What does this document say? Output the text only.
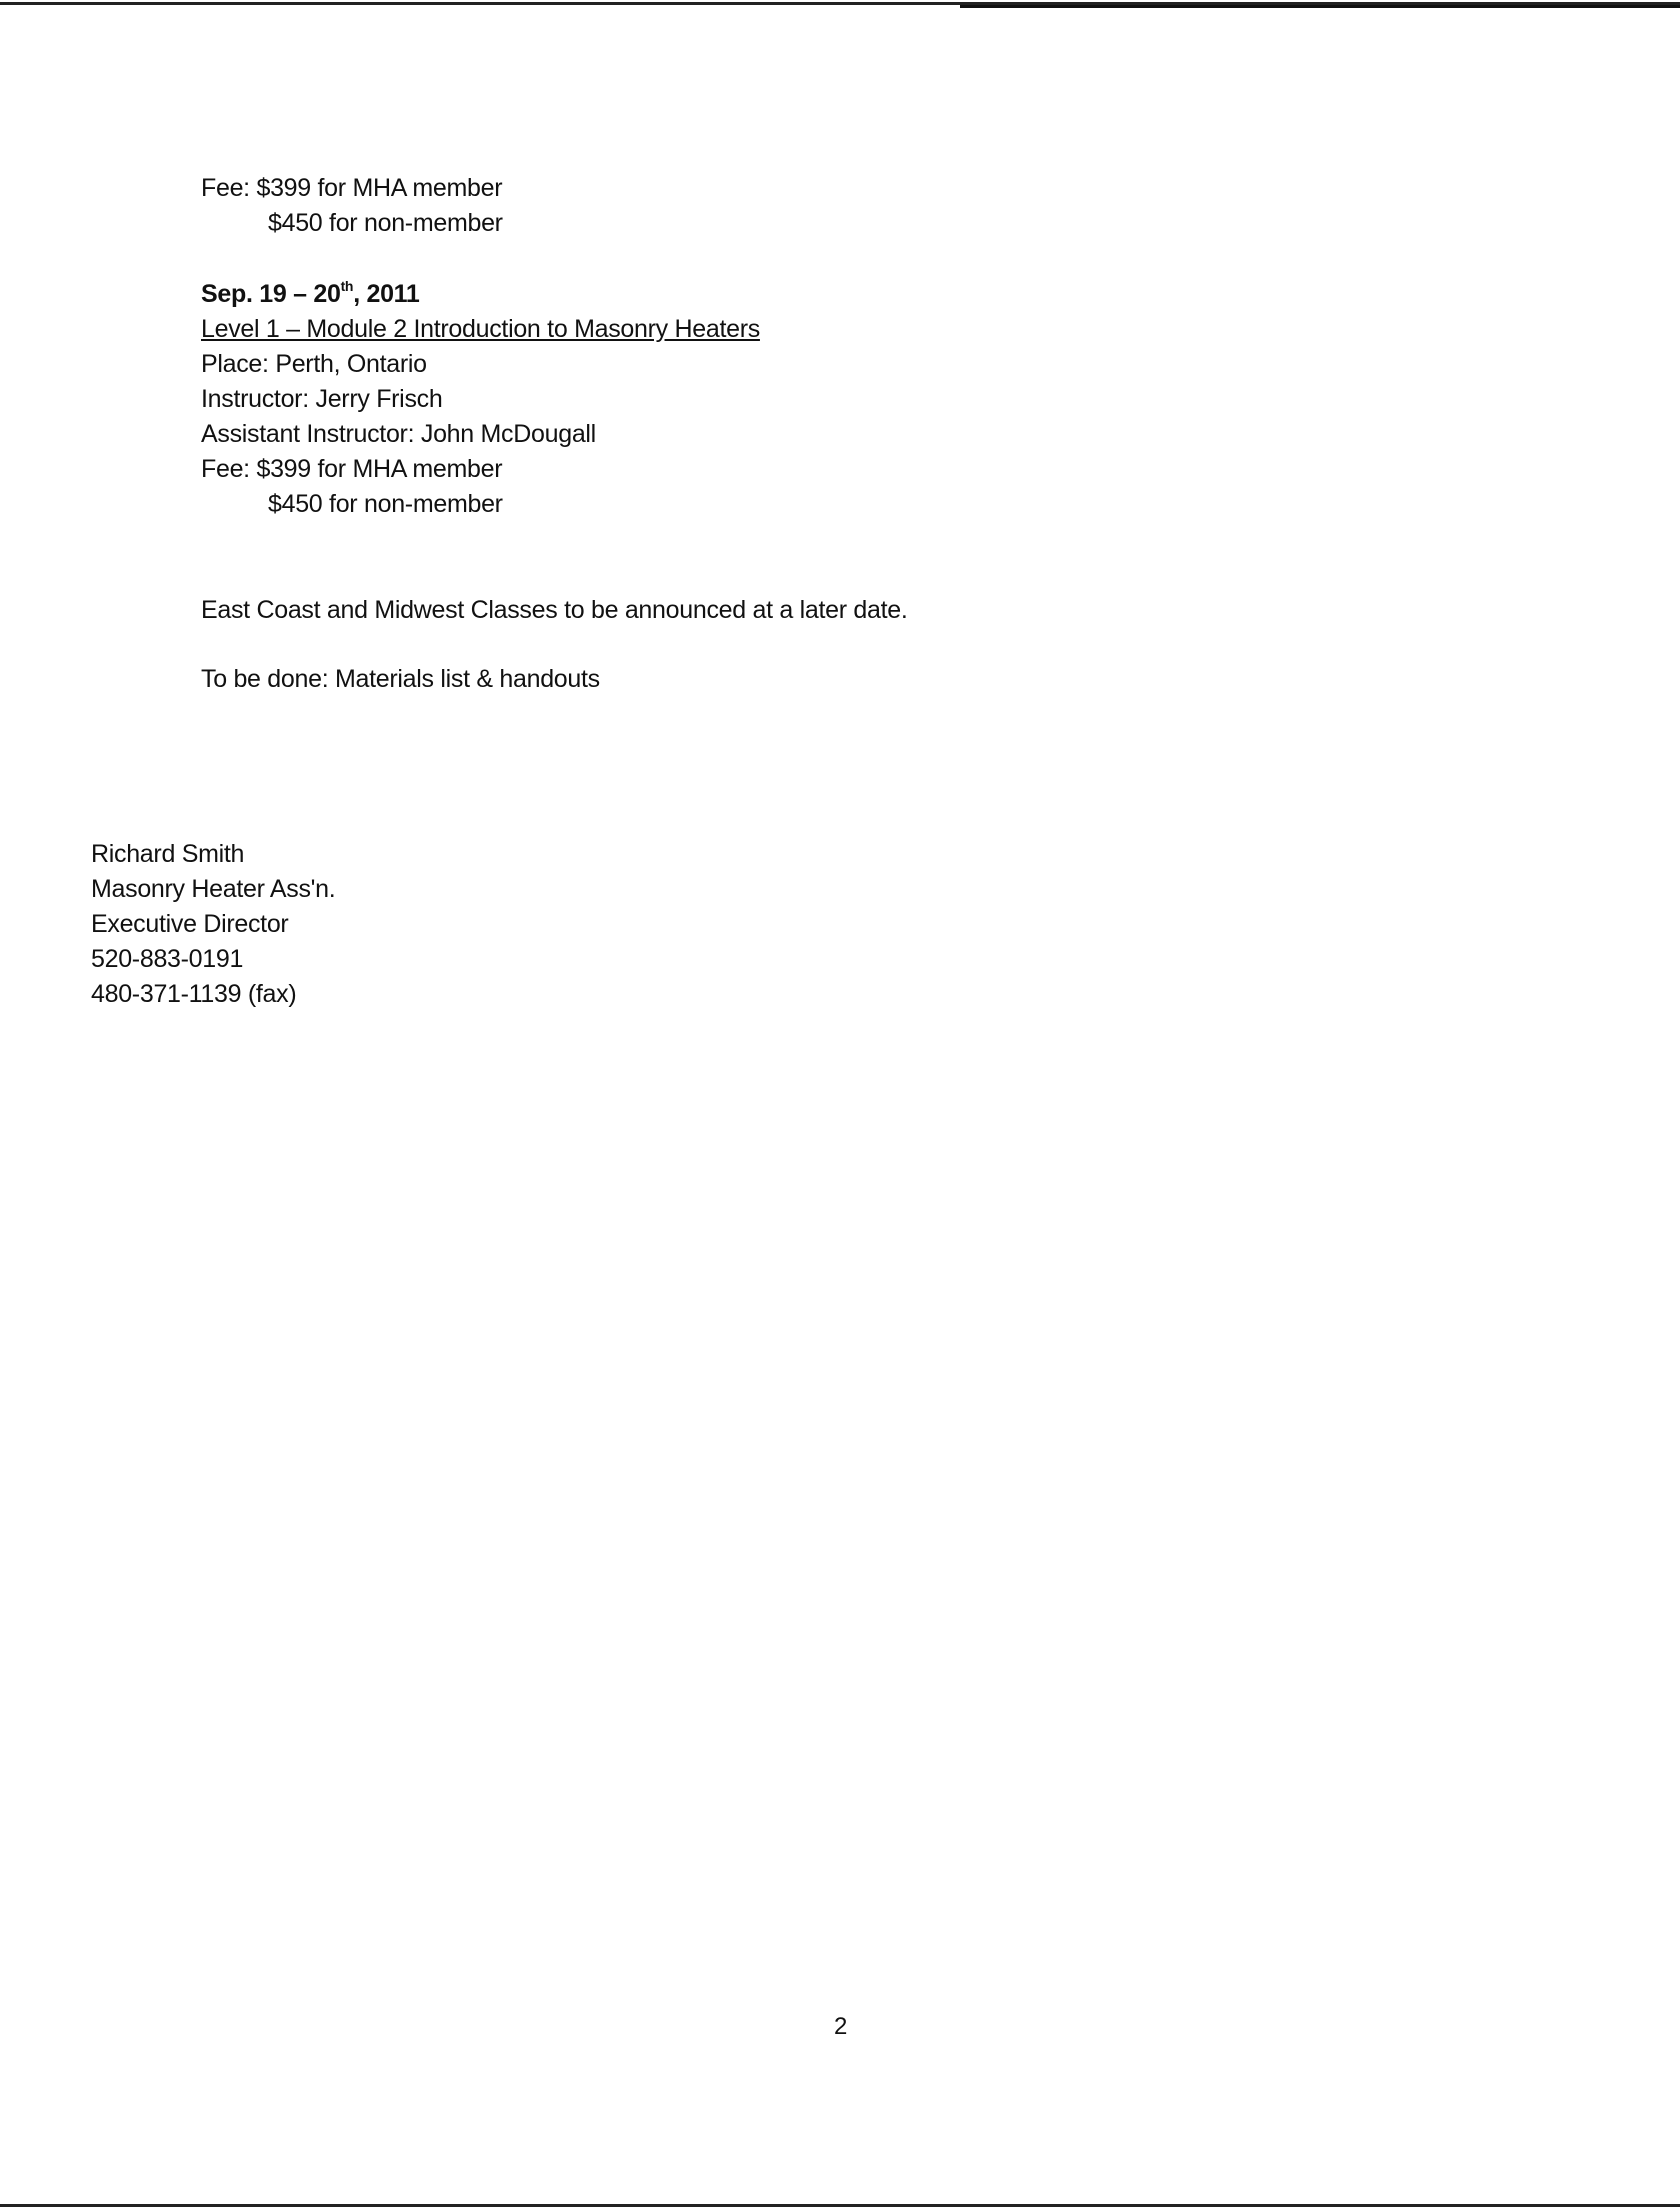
Fee: $399 for MHA member
$450 for non-member
Sep. 19 – 20th, 2011
Level 1 – Module 2 Introduction to Masonry Heaters
Place: Perth, Ontario
Instructor: Jerry Frisch
Assistant Instructor: John McDougall
Fee: $399 for MHA member
$450 for non-member
East Coast and Midwest Classes to be announced at a later date.
To be done: Materials list & handouts
Richard Smith
Masonry Heater Ass'n.
Executive Director
520-883-0191
480-371-1139 (fax)
2
